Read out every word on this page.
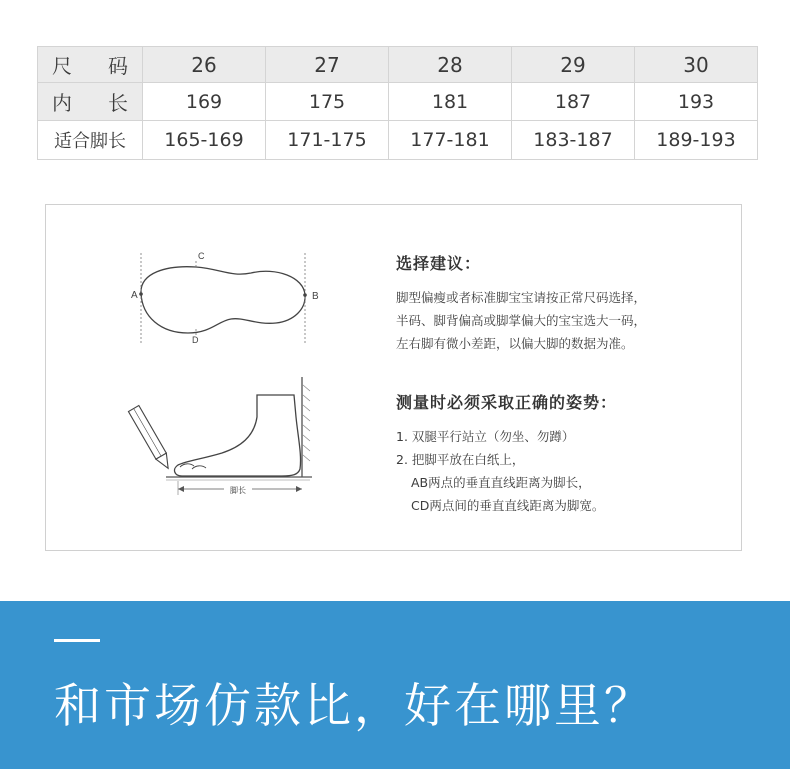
尺码	26	27	28	29	30
内长	169	175	181	187	193
适合脚长	165-169	171-175	177-181	183-187	189-193
A	B
C
D
脚长
选择建议：
脚型偏瘦或者标准脚宝宝请按正常尺码选择，
半码、脚背偏高或脚掌偏大的宝宝选大一码，
左右脚有微小差距，以偏大脚的数据为准。
测量时必须采取正确的姿势：
1. 双腿平行站立（勿坐、勿蹲）
2. 把脚平放在白纸上，
AB两点的垂直直线距离为脚长，
CD两点间的垂直直线距离为脚宽。
和市场仿款比，好在哪里？
